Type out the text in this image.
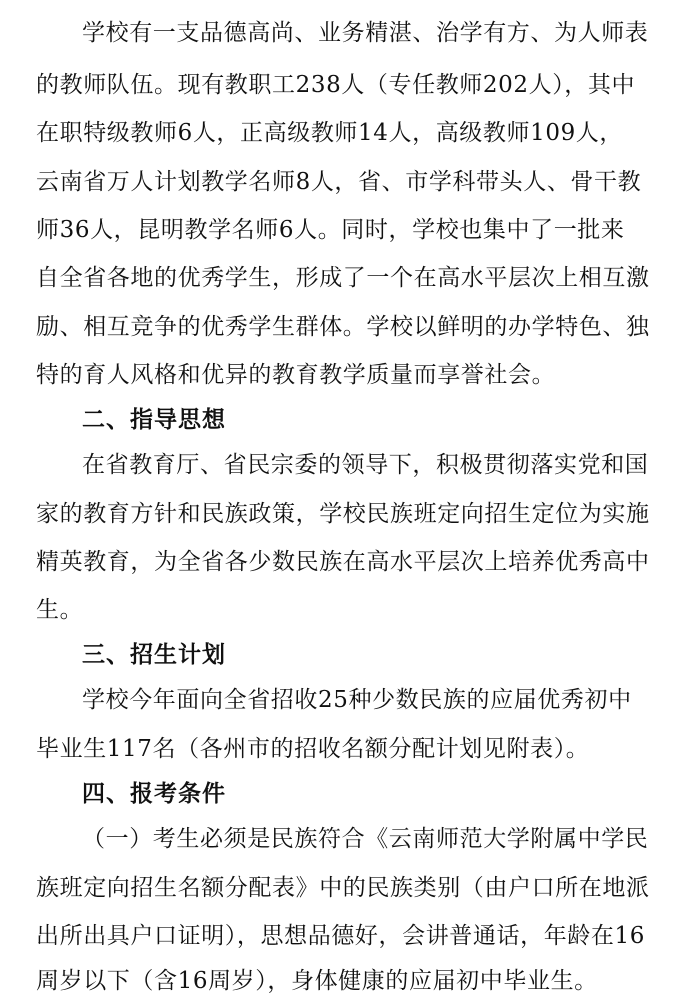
学校有一支品德高尚、业务精湛、治学有方、为人师表
的教师队伍。现有教职工238人（专任教师202人），其中
在职特级教师6人，正高级教师14人，高级教师109人，
云南省万人计划教学名师8人，省、市学科带头人、骨干教
师36人，昆明教学名师6人。同时，学校也集中了一批来
自全省各地的优秀学生，形成了一个在高水平层次上相互激
励、相互竞争的优秀学生群体。学校以鲜明的办学特色、独
特的育人风格和优异的教育教学质量而享誉社会。
二、指导思想
在省教育厅、省民宗委的领导下，积极贯彻落实党和国
家的教育方针和民族政策，学校民族班定向招生定位为实施
精英教育，为全省各少数民族在高水平层次上培养优秀高中
生。
三、招生计划
学校今年面向全省招收25种少数民族的应届优秀初中
毕业生117名（各州市的招收名额分配计划见附表）。
四、报考条件
（一）考生必须是民族符合《云南师范大学附属中学民
族班定向招生名额分配表》中的民族类别（由户口所在地派
出所出具户口证明），思想品德好，会讲普通话，年龄在16
周岁以下（含16周岁），身体健康的应届初中毕业生。
